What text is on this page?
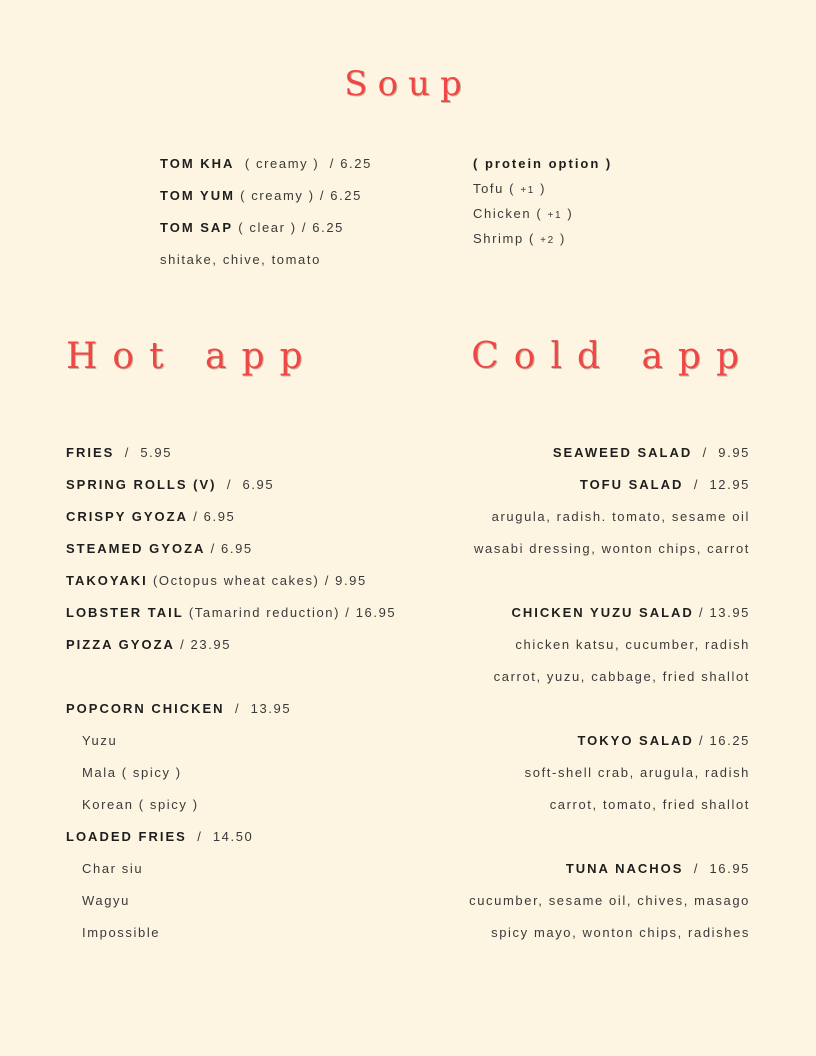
Soup
TOM KHA  ( creamy )  / 6.25
TOM YUM ( creamy ) / 6.25
TOM SAP ( clear ) / 6.25
shitake, chive, tomato
( protein option )
Tofu ( +1 )
Chicken ( +1 )
Shrimp ( +2 )
Hot app	Cold app
FRIES  /  5.95
SPRING ROLLS (V)  /  6.95
CRISPY GYOZA / 6.95
STEAMED GYOZA / 6.95
TAKOYAKI (Octopus wheat cakes) / 9.95
LOBSTER TAIL (Tamarind reduction) / 16.95
PIZZA GYOZA / 23.95
POPCORN CHICKEN  /  13.95
Yuzu
Mala ( spicy )
Korean ( spicy )
LOADED FRIES  /  14.50
Char siu
Wagyu
Impossible
SEAWEED SALAD  /  9.95
TOFU SALAD  /  12.95
arugula, radish. tomato, sesame oil
wasabi dressing, wonton chips, carrot
CHICKEN YUZU SALAD / 13.95
chicken katsu, cucumber, radish
carrot, yuzu, cabbage, fried shallot
TOKYO SALAD / 16.25
soft-shell crab, arugula, radish
carrot, tomato, fried shallot
TUNA NACHOS  /  16.95
cucumber, sesame oil, chives, masago
spicy mayo, wonton chips, radishes
